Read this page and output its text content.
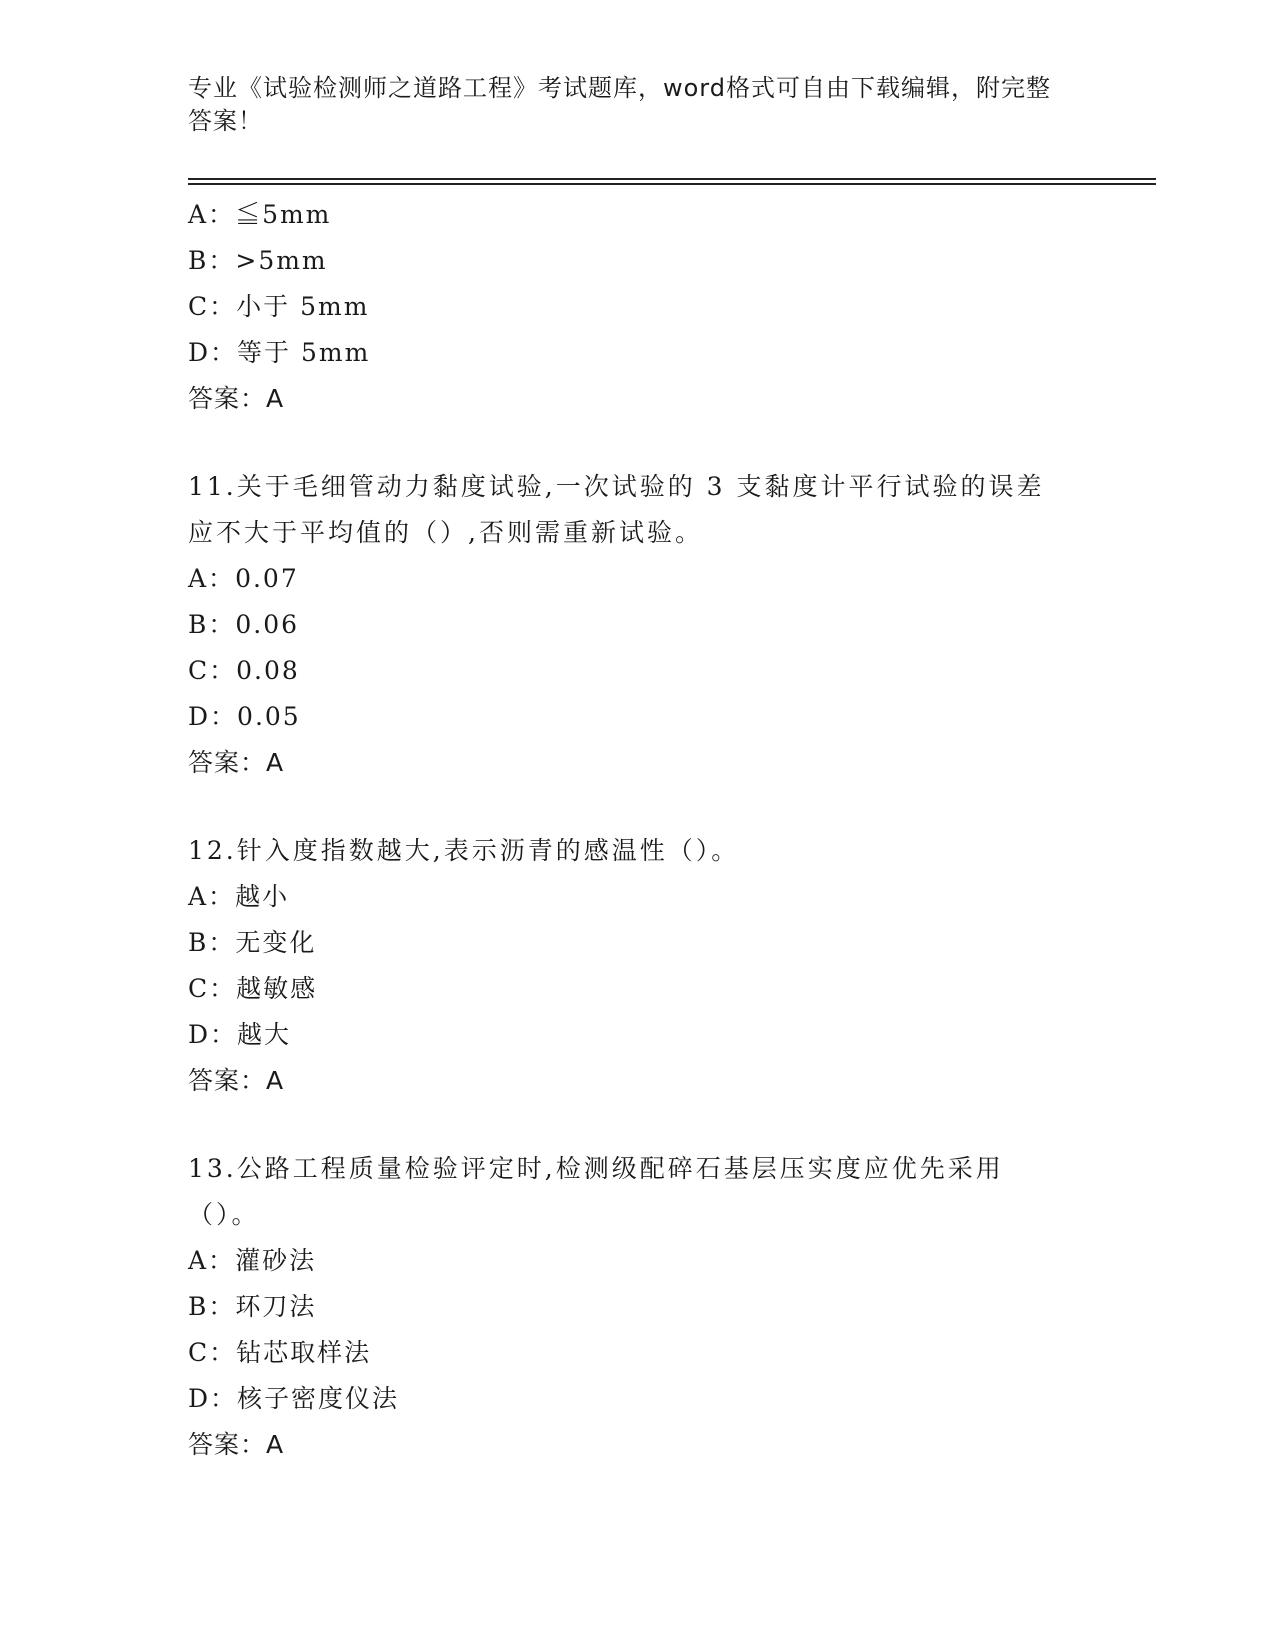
专业《试验检测师之道路工程》考试题库，word格式可自由下载编辑，附完整答案！
A：≦5mm
B：>5mm
C：小于 5mm
D：等于 5mm
答案：A
11.关于毛细管动力黏度试验,一次试验的 3 支黏度计平行试验的误差应不大于平均值的（）,否则需重新试验。
A：0.07
B：0.06
C：0.08
D：0.05
答案：A
12.针入度指数越大,表示沥青的感温性（）。
A：越小
B：无变化
C：越敏感
D：越大
答案：A
13.公路工程质量检验评定时,检测级配碎石基层压实度应优先采用（）。
A：灌砂法
B：环刀法
C：钻芯取样法
D：核子密度仪法
答案：A
